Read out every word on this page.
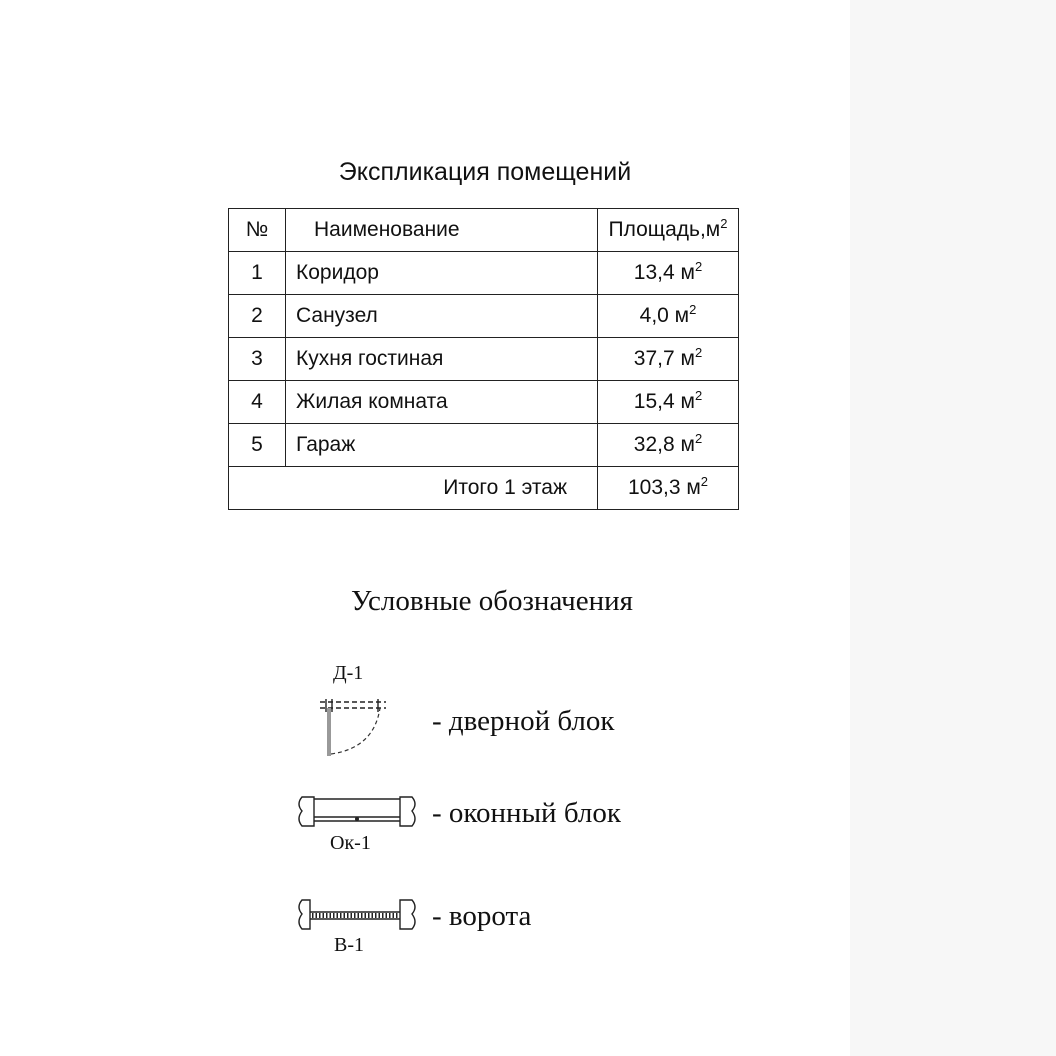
Экспликация помещений
№	Наименование	$Площадь,м^2$
1	Коридор	13,4 $м^2$
2	Санузел	4,0 $м^2$
3	Кухня гостиная	37,7 $м^2$
4	Жилая комната	15,4 $м^2$
5	Гараж	32,8 $м^2$
Итого 1 этаж		103,3 $м^2$
Условные обозначения
Д-1
- дверной блок
- оконный блок
Ок-1
- ворота
В-1
